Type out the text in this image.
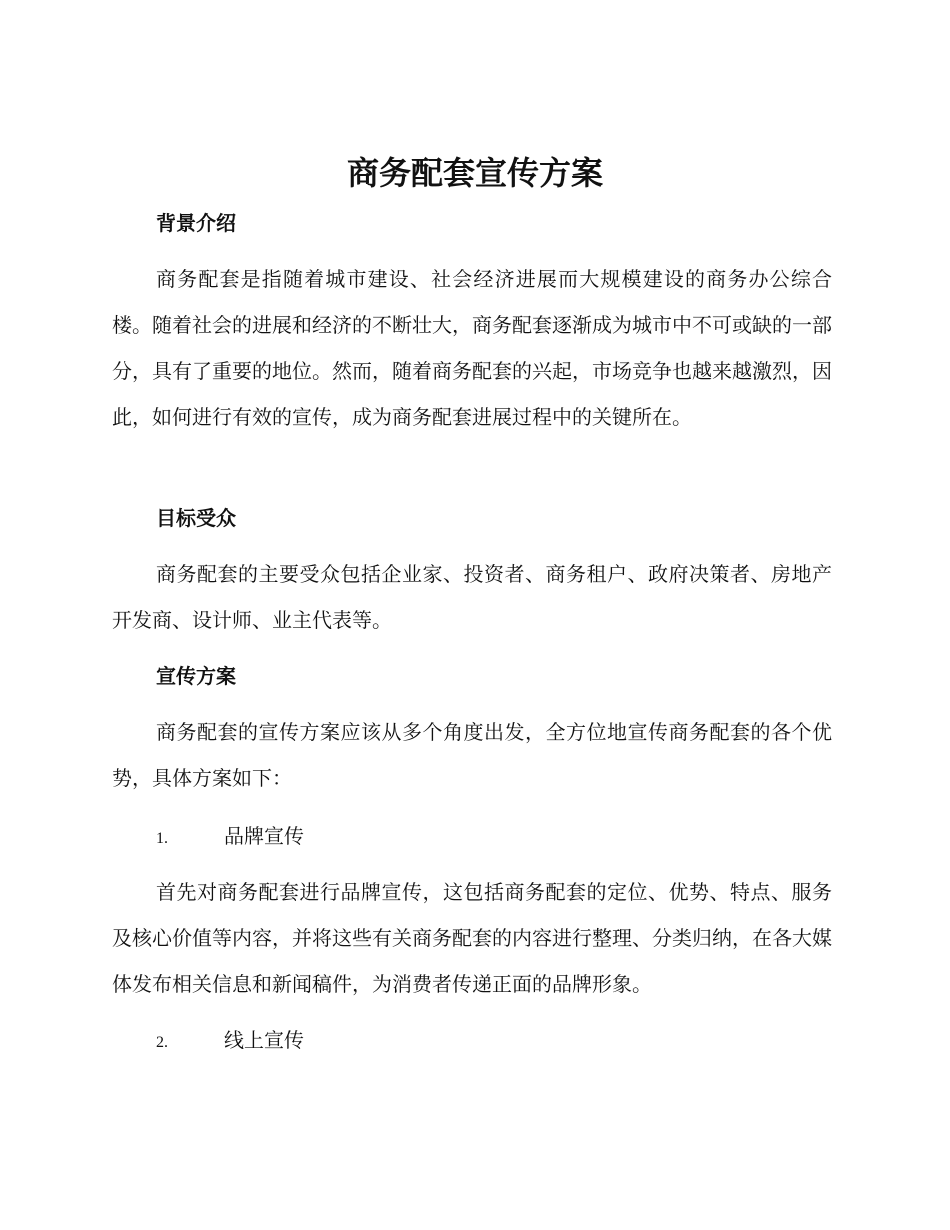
商务配套宣传方案
背景介绍
商务配套是指随着城市建设、社会经济进展而大规模建设的商务办公综合楼。随着社会的进展和经济的不断壮大，商务配套逐渐成为城市中不可或缺的一部分，具有了重要的地位。然而，随着商务配套的兴起，市场竞争也越来越激烈，因此，如何进行有效的宣传，成为商务配套进展过程中的关键所在。
目标受众
商务配套的主要受众包括企业家、投资者、商务租户、政府决策者、房地产开发商、设计师、业主代表等。
宣传方案
商务配套的宣传方案应该从多个角度出发，全方位地宣传商务配套的各个优势，具体方案如下：
1.	品牌宣传
首先对商务配套进行品牌宣传，这包括商务配套的定位、优势、特点、服务及核心价值等内容，并将这些有关商务配套的内容进行整理、分类归纳，在各大媒体发布相关信息和新闻稿件，为消费者传递正面的品牌形象。
2.	线上宣传
